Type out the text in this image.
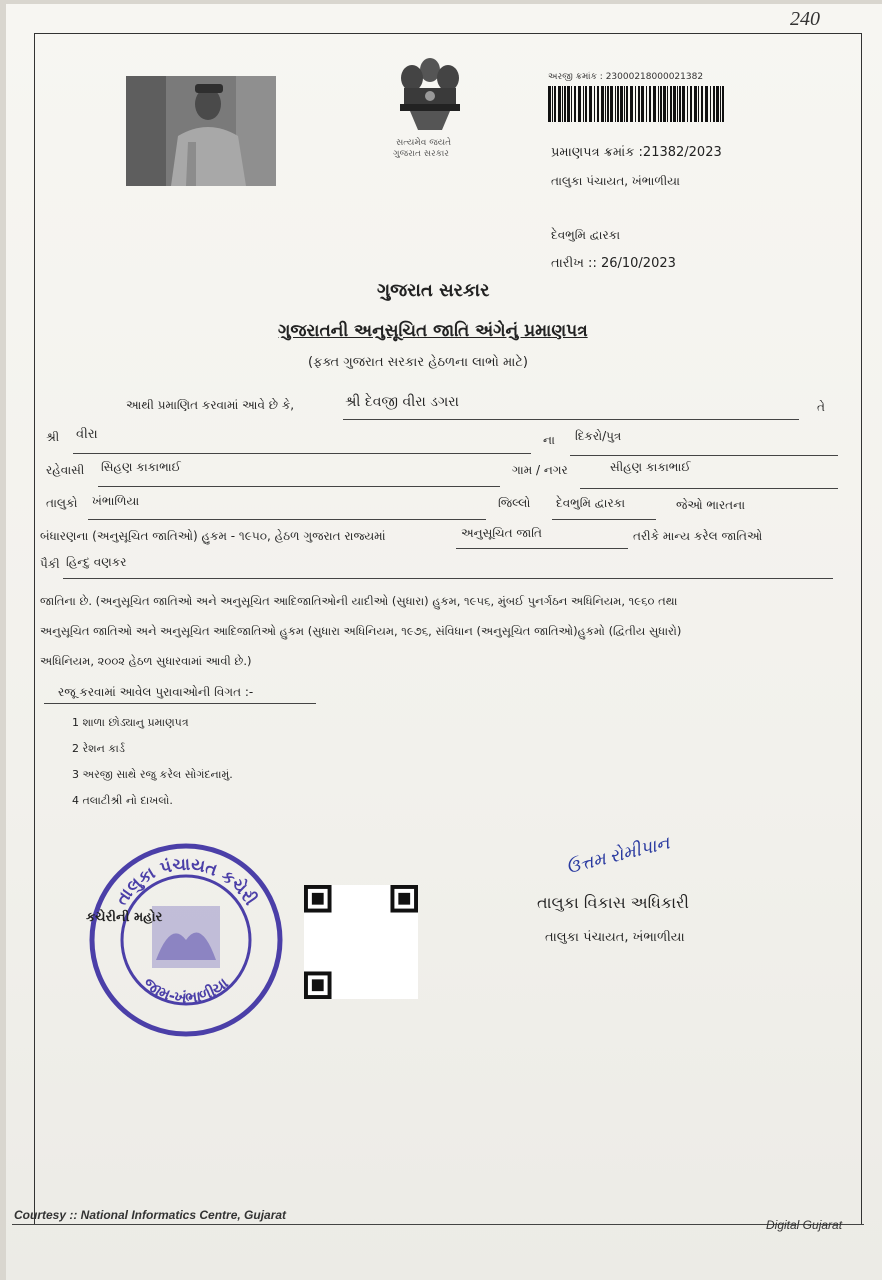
240
સત્યમેવ જયતે
ગુજરાત સરકાર
અરજી ક્રમાંક : 23000218000021382
પ્રમાણપત્ર ક્રમાંક :21382/2023
તાલુકા પંચાયત, ખંભાળીયા
દેવભુમિ દ્વારકા
તારીખ :: 26/10/2023
ગુજરાત સરકાર
ગુજરાતની અનુસૂચિત જાતિ અંગેનું પ્રમાણપત્ર
(ફક્ત ગુજરાત સરકાર હેઠળના લાભો માટે)
આથી પ્રમાણિત કરવામાં આવે છે કે,	શ્રી દેવજી વીરા ડગરા	તે
શ્રી વીરા	ના દિકરો/પુત્ર
રહેવાસી સિહણ કાકાભાઈ	ગામ / નગર	સીહણ કાકાભાઈ
તાલુકો ખંભાળિયા	જિલ્લો દેવભુમિ દ્વારકા	જેઓ ભારતના
બંધારણના (અનુસૂચિત જાતિઓ) હુકમ - ૧૯૫૦, હેઠળ ગુજરાત રાજ્યમાં	અનુસૂચિત જાતિ	તરીકે માન્ય કરેલ જાતિઓ
પૈકી હિન્દુ વણકર
જાતિના છે. (અનુસૂચિત જાતિઓ અને અનુસૂચિત આદિજાતિઓની યાદીઓ (સુધારા) હુકમ, ૧૯૫૬, મુંબઈ પુનર્ગઠન અધિનિયમ, ૧૯૬૦ તથા
અનુસૂચિત જાતિઓ અને અનુસૂચિત આદિજાતિઓ હુકમ (સુધારા અધિનિયમ, ૧૯૭૬, સંવિધાન (અનુસૂચિત જાતિઓ)હુકમો (દ્વિતીય સુધારો)
અધિનિયમ, ૨૦૦૨ હેઠળ સુધારવામાં આવી છે.)
રજૂ કરવામાં આવેલ પુરાવાઓની વિગત :-
1 શાળા છોડ્યાનુ પ્રમાણપત્ર
2 રેશન કાર્ડ
3 અરજી સાથે રજુ કરેલ સોગંદનામું.
4 તલાટીશ્રી નો દાખલો.
તાલુકા પંચાયત કચેરી
જામ-ખંભાળીયા
કચેરીની મહોર
ઉત્તમ રોમીપાન
તાલુકા વિકાસ અધિકારી
તાલુકા પંચાયત, ખંભાળીયા
Courtesy :: National Informatics Centre, Gujarat
Digital Gujarat
